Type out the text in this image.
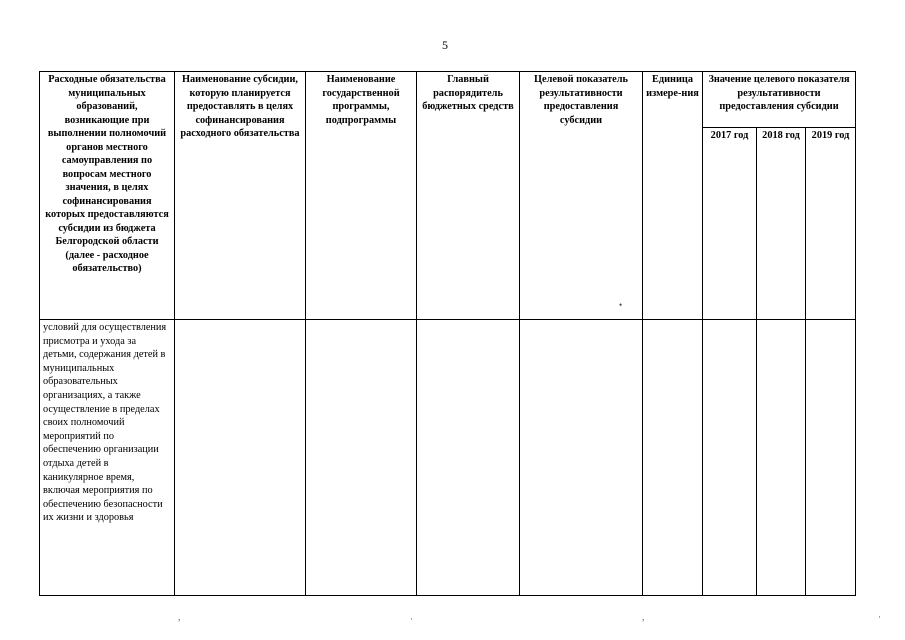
5
Расходные обязательства муниципальных образований, возникающие при выполнении полномочий органов местного самоуправления по вопросам местного значения, в целях софинансирования которых предоставляются субсидии из бюджета Белгородской области (далее - расходное обязательство)	Наименование субсидии, которую планируется предоставлять в целях софинансирования расходного обязательства	Наименование государственной программы, подпрограммы	Главный распорядитель бюджетных средств	Целевой показатель результативности предоставления субсидии	Единица измере-ния	Значение целевого показателя результативности предоставления субсидии		
						2017 год	2018 год	2019 год
условий для осуществления присмотра и ухода за детьми, содержания детей в муниципальных образовательных организациях, а также осуществление в пределах своих полномочий мероприятий по обеспечению организации отдыха детей в каникулярное время, включая мероприятия по обеспечению безопасности их жизни и здоровья								
•
,	·	,	·
